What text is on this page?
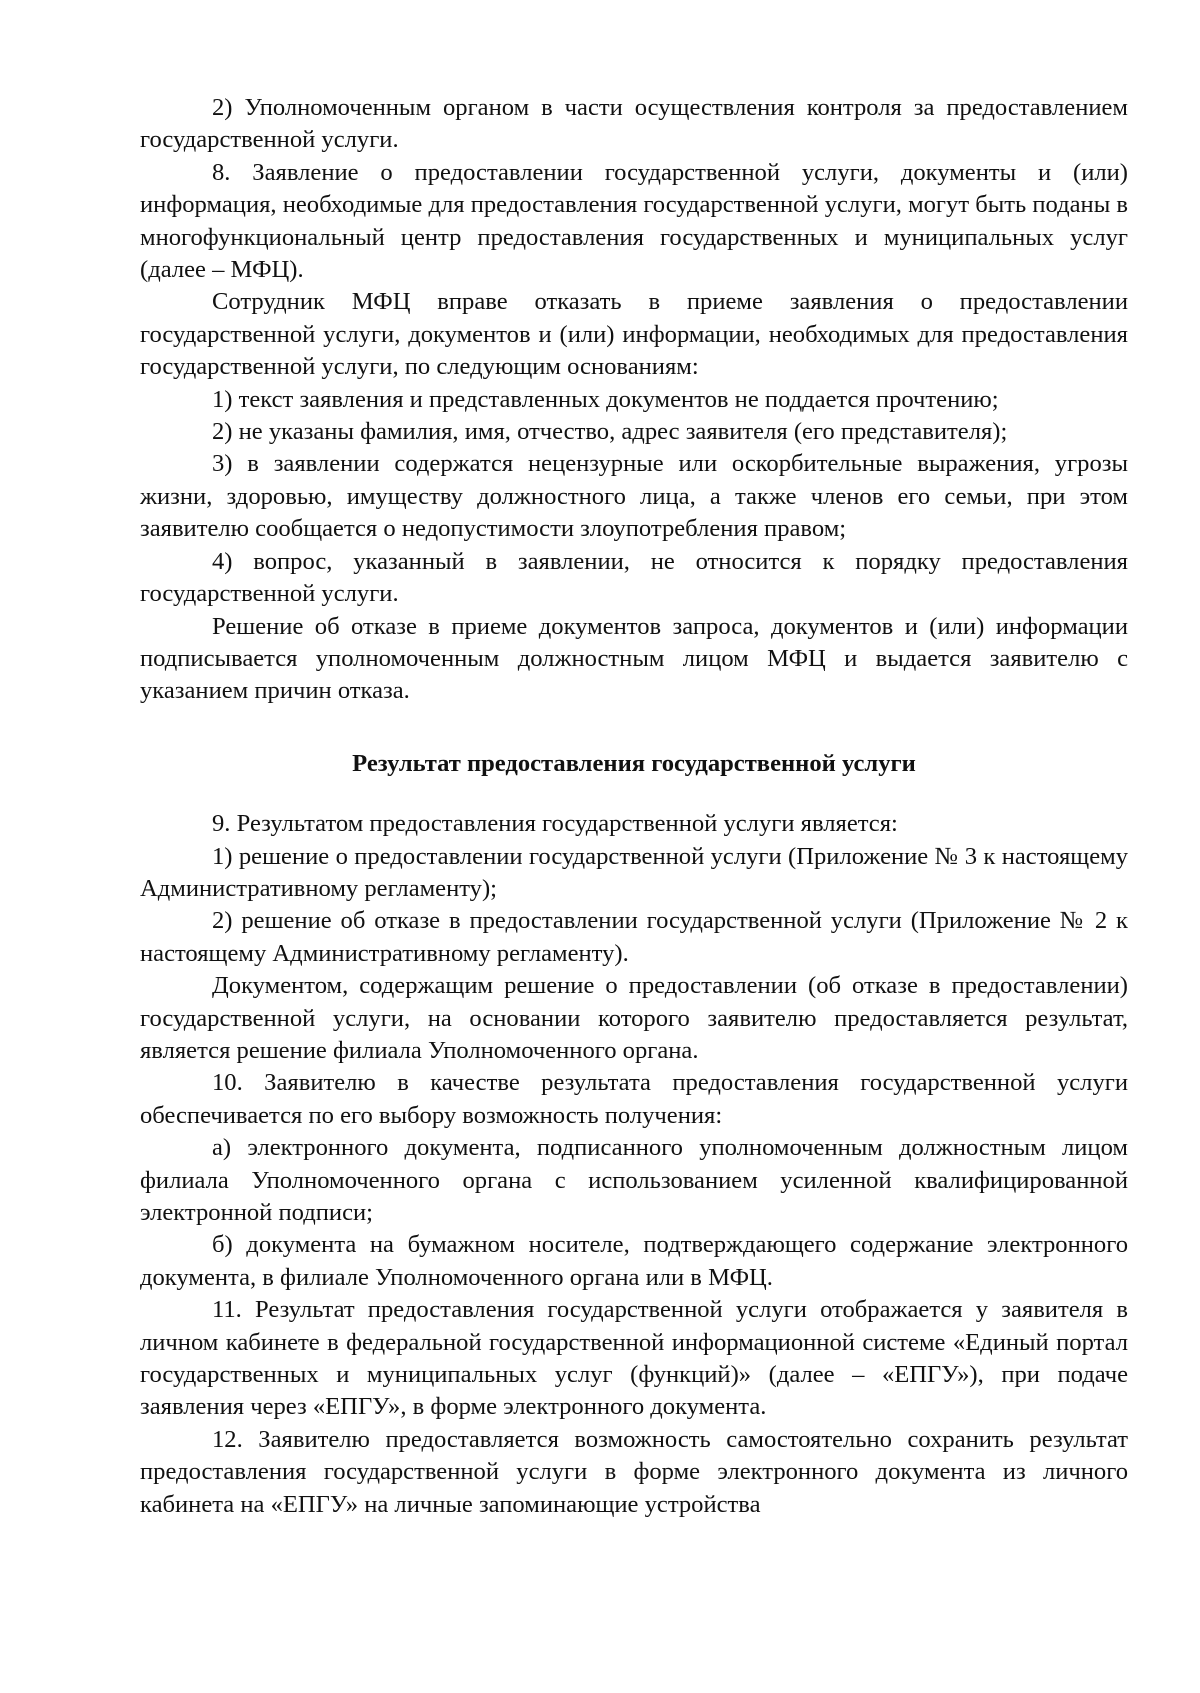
2) Уполномоченным органом в части осуществления контроля за предоставлением государственной услуги.

8. Заявление о предоставлении государственной услуги, документы и (или) информация, необходимые для предоставления государственной услуги, могут быть поданы в многофункциональный центр предоставления государственных и муниципальных услуг (далее – МФЦ).

Сотрудник МФЦ вправе отказать в приеме заявления о предоставлении государственной услуги, документов и (или) информации, необходимых для предоставления государственной услуги, по следующим основаниям:

1) текст заявления и представленных документов не поддается прочтению;

2) не указаны фамилия, имя, отчество, адрес заявителя (его представителя);

3) в заявлении содержатся нецензурные или оскорбительные выражения, угрозы жизни, здоровью, имуществу должностного лица, а также членов его семьи, при этом заявителю сообщается о недопустимости злоупотребления правом;

4) вопрос, указанный в заявлении, не относится к порядку предоставления государственной услуги.

Решение об отказе в приеме документов запроса, документов и (или) информации подписывается уполномоченным должностным лицом МФЦ и выдается заявителю с указанием причин отказа.

Результат предоставления государственной услуги

9. Результатом предоставления государственной услуги является:

1) решение о предоставлении государственной услуги (Приложение № 3 к настоящему Административному регламенту);

2) решение об отказе в предоставлении государственной услуги (Приложение № 2 к настоящему Административному регламенту).

Документом, содержащим решение о предоставлении (об отказе в предоставлении) государственной услуги, на основании которого заявителю предоставляется результат, является решение филиала Уполномоченного органа.

10. Заявителю в качестве результата предоставления государственной услуги обеспечивается по его выбору возможность получения:

а) электронного документа, подписанного уполномоченным должностным лицом филиала Уполномоченного органа с использованием усиленной квалифицированной электронной подписи;

б) документа на бумажном носителе, подтверждающего содержание электронного документа, в филиале Уполномоченного органа или в МФЦ.

11. Результат предоставления государственной услуги отображается у заявителя в личном кабинете в федеральной государственной информационной системе «Единый портал государственных и муниципальных услуг (функций)» (далее – «ЕПГУ»), при подаче заявления через «ЕПГУ», в форме электронного документа.

12. Заявителю предоставляется возможность самостоятельно сохранить результат предоставления государственной услуги в форме электронного документа из личного кабинета на «ЕПГУ» на личные запоминающие устройства
